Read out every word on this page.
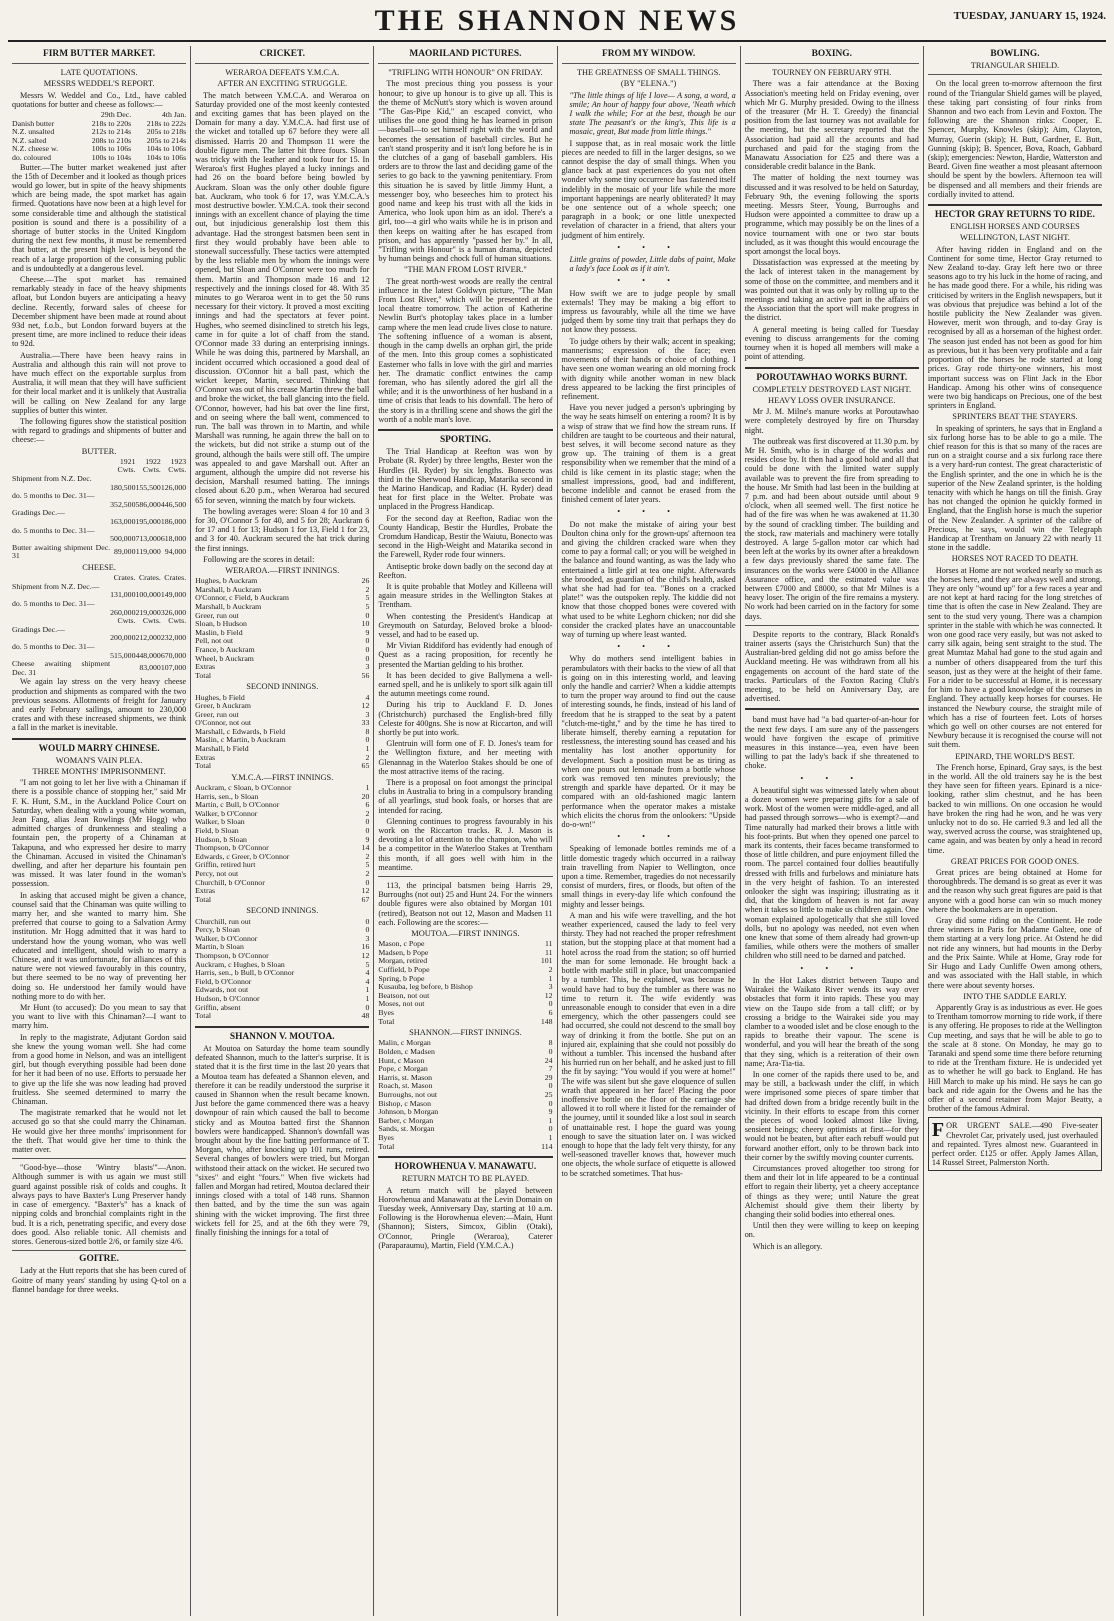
THE SHANNON NEWS	TUESDAY, JANUARY 15, 1924.
FIRM BUTTER MARKET.
LATE QUOTATIONS.
MESSRS WEDDEL'S REPORT.

Messrs W. Weddel and Co., Ltd., have cabled quotations for butter and cheese as follows:—

	29th Dec.	4th Jan.
Danish butter	218s to 220s	218s to 222s
N.Z. unsalted	212s to 214s	205s to 218s
N.Z. salted	208s to 210s	205s to 214s
N.Z. cheese w.	100s to 106s	104s to 106s
do. coloured	100s to 104s	104s to 106s

Butter.—The butter market weakened just after the 15th of December and it looked as though prices would go lower, but in spite of the heavy shipments which are being made, the spot market has again firmed. Quotations have now been at a high level for some considerable time and although the statistical position is sound and there is a possibility of a shortage of butter stocks in the United Kingdom during the next few months, it must be remembered that butter, at the present high level, is beyond the reach of a large proportion of the consuming public and is undoubtedly at a dangerous level.

Cheese.—The spot market has remained remarkably steady in face of the heavy shipments afloat, but London buyers are anticipating a heavy decline. Recently, forward sales of cheese for December shipment have been made at round about 93d net, f.o.b., but London forward buyers at the present time, are more inclined to reduce their ideas to 92d.

Australia.—There have been heavy rains in Australia and although this rain will not prove to have much effect on the exportable surplus from Australia, it will mean that they will have sufficient for their local market and it is unlikely that Australia will be calling on New Zealand for any large supplies of butter this winter.

The following figures show the statistical position with regard to gradings and shipments of butter and cheese:—

BUTTER.
	1921	1922	1923
	Cwts.	Cwts.	Cwts.
Shipment from N.Z. Dec.			
	180,500	155,500	126,000
do. 5 months to Dec. 31—			
	352,500	586,000	446,500
Gradings Dec.—			
	163,000	195,000	186,000
do. 5 months to Dec. 31—			
	500,000	713,000	618,000
Butter awaiting shipment Dec. 31	89,000	119,000	94,000
CHEESE.
	Crates.	Crates.	Crates.
Shipment from N.Z. Dec.—			
	131,000	100,000	149,000
do. 5 months to Dec. 31—			
	260,000	219,000	326,000
	Cwts.	Cwts.	Cwts.
Gradings Dec.—			
	200,000	212,000	232,000
do. 5 months to Dec. 31—			
	515,000	448,000	670,000
Cheese awaiting shipment Dec. 31		83,000	107,000

We again lay stress on the very heavy cheese production and shipments as compared with the two previous seasons. Allotments of freight for January and early February sailings, amount to 230,000 crates and with these increased shipments, we think a fall in the market is inevitable.

WOULD MARRY CHINESE.
WOMAN'S VAIN PLEA.
THREE MONTHS' IMPRISONMENT.

"I am not going to let her live with a Chinaman if there is a possible chance of stopping her," said Mr F. K. Hunt, S.M., in the Auckland Police Court on Saturday, when dealing with a young white woman, Jean Fang, alias Jean Rowlings (Mr Hogg) who admitted charges of drunkenness and stealing a fountain pen, the property of a Chinaman at Takapuna, and who expressed her desire to marry the Chinaman. Accused in visited the Chinaman's dwelling, and after her departure his fountain pen was missed. It was later found in the woman's possession.

In asking that accused might be given a chance, counsel said that the Chinaman was quite willing to marry her, and she wanted to marry him. She preferred that course to going to a Salvation Army institution. Mr Hogg admitted that it was hard to understand how the young woman, who was well educated and intelligent, should wish to marry a Chinese, and it was unfortunate, for alliances of this nature were not viewed favourably in this country, but there seemed to be no way of preventing her doing so. He understood her family would have nothing more to do with her.

Mr Hunt (to accused): Do you mean to say that you want to live with this Chinaman?—I want to marry him.

In reply to the magistrate, Adjutant Gordon said she knew the young woman well. She had come from a good home in Nelson, and was an intelligent girl, but though everything possible had been done for her it had been of no use. Efforts to persuade her to give up the life she was now leading had proved fruitless. She seemed determined to marry the Chinaman.

The magistrate remarked that he would not let accused go so that she could marry the Chinaman. He would give her three months' imprisonment for the theft. That would give her time to think the matter over.

"Good-bye—those 'Wintry blasts'"—Anon. Although summer is with us again we must still guard against possible risk of colds and coughs. It always pays to have Baxter's Lung Preserver handy in case of emergency. "Baxter's" has a knack of nipping colds and bronchial complaints right in the bud. It is a rich, penetrating specific, and every dose does good. Also reliable tonic. All chemists and stores. Generous-sized bottle 2/6, or family size 4/6.

GOITRE.

Lady at the Hutt reports that she has been cured of Goitre of many years' standing by using Q-tol on a flannel bandage for three weeks.

CRICKET.
WERAROA DEFEATS Y.M.C.A.
AFTER AN EXCITING STRUGGLE.

The match between Y.M.C.A. and Weraroa on Saturday provided one of the most keenly contested and exciting games that has been played on the Domain for many a day. Y.M.C.A. had first use of the wicket and totalled up 67 before they were all dismissed. Harris 20 and Thompson 11 were the double figure men. The latter hit three fours. Sloan was tricky with the leather and took four for 15. In Weraroa's first Hughes played a lucky innings and had 26 on the board before being bowled by Auckram. Sloan was the only other double figure bat. Auckram, who took 6 for 17, was Y.M.C.A.'s most destructive bowler. Y.M.C.A. took their second innings with an excellent chance of playing the time out, but injudicious generalship lost them this advantage. Had the strongest batsmen been sent in first they would probably have been able to stonewall successfully. These tactics were attempted by the less reliable men by whom the innings were opened, but Sloan and O'Connor were too much for them. Martin and Thompson made 16 and 12 respectively and the innings closed for 48. With 35 minutes to go Weraroa went in to get the 50 runs necessary for their victory. It proved a most exciting innings and had the spectators at fever point. Hughes, who seemed disinclined to stretch his legs, came in for quite a lot of chaff from the stand. O'Connor made 33 during an enterprising innings. While he was doing this, partnered by Marshall, an incident occurred which occasioned a good deal of discussion. O'Connor hit a ball past, which the wicket keeper, Martin, secured. Thinking that O'Connor was out of his crease Martin threw the ball and broke the wicket, the ball glancing into the field. O'Connor, however, had his bat over the line first, and on seeing where the ball went, commenced to run. The ball was thrown in to Martin, and while Marshall was running, he again threw the ball on to the wickets, but did not strike a stump out of the ground, although the bails were still off. The umpire was appealed to and gave Marshall out. After an argument, although the umpire did not reverse his decision, Marshall resumed batting. The innings closed about 6.20 p.m., when Weraroa had secured 65 for seven, winning the match by four wickets.

The bowling averages were: Sloan 4 for 10 and 3 for 30, O'Connor 5 for 40, and 5 for 28; Auckram 6 for 17 and 1 for 13; Hudson 1 for 13, Field 1 for 23, and 3 for 40. Auckram secured the hat trick during the first innings.

Following are the scores in detail:

WERAROA.—FIRST INNINGS.
Hughes, b Auckram	26
Marshall, b Auckram	2
O'Connor, c Field, b Auckram	5
Marshall, b Auckram	5
Greer, run out	0
Sloan, b Hudson	10
Maslin, b Field	9
Pell, not out	0
France, b Auckram	0
Wheel, b Auckram	0
Extras	3
Total	56
SECOND INNINGS.
Hughes, b Field	4
Greer, b Auckram	12
Greer, run out	3
O'Connor, not out	33
Marshall, c Edwards, b Field	8
Maslin, c Martin, b Auckram	0
Marshall, b Field	1
Extras	2
Total	65
Y.M.C.A.—FIRST INNINGS.
Auckram, c Sloan, b O'Connor	1
Harris, sen., b Sloan	20
Martin, c Bull, b O'Connor	6
Walker, b O'Connor	2
Walker, b Sloan	0
Field, b Sloan	0
Hudson, b Sloan	9
Thompson, b O'Connor	14
Edwards, c Greer, b O'Connor	2
Griffin, retired hurt	5
Percy, not out	2
Churchill, b O'Connor	0
Extras	12
Total	67
SECOND INNINGS.
Churchill, run out	0
Percy, b Sloan	0
Walker, b O'Connor	3
Martin, b Sloan	16
Thompson, b O'Connor	12
Auckram, c Hughes, b Sloan	5
Harris, sen., b Bull, b O'Connor	4
Field, b O'Connor	4
Edwards, not out	1
Hudson, b O'Connor	1
Griffin, absent	0
Total	48
SHANNON V. MOUTOA.

At Moutoa on Saturday the home team soundly defeated Shannon, much to the latter's surprise. It is stated that it is the first time in the last 20 years that a Moutoa team has defeated a Shannon eleven, and therefore it can be readily understood the surprise it caused in Shannon when the result became known. Just before the game commenced there was a heavy downpour of rain which caused the ball to become sticky and as Moutoa batted first the Shannon bowlers were handicapped. Shannon's downfall was brought about by the fine batting performance of T. Morgan, who, after knocking up 101 runs, retired. Several changes of bowlers were tried, but Morgan withstood their attack on the wicket. He secured two "sixes" and eight "fours." When five wickets had fallen and Morgan had retired, Moutoa declared their innings closed with a total of 148 runs. Shannon then batted, and by the time the sun was again shining with the wicket improving. The first three wickets fell for 25, and at the 6th they were 79, finally finishing the innings for a total of

MAORILAND PICTURES.
"TRIFLING WITH HONOUR" ON FRIDAY.

The most precious thing you possess is your honour; to give up honour is to give up all. This is the theme of McNutt's story which is woven around "The Gas-Pipe Kid," an escaped convict, who utilises the one good thing he has learned in prison—baseball—to set himself right with the world and becomes the sensation of baseball circles. But he can't stand prosperity and it isn't long before he is in the clutches of a gang of baseball gamblers. His orders are to throw the last and deciding game of the series to go back to the yawning penitentiary. From this situation he is saved by little Jimmy Hunt, a messenger boy, who beseeches him to protect his good name and keep his trust with all the kids in America, who look upon him as an idol. There's a girl, too—a girl who waits while he is in prison and then keeps on waiting after he has escaped from prison, and has apparently "passed her by." In all, "Trifling with Honour" is a human drama, depicted by human beings and chock full of human situations.

"THE MAN FROM LOST RIVER."

The great north-west woods are really the central influence in the latest Goldwyn picture, "The Man From Lost River," which will be presented at the local theatre tomorrow. The action of Katherine Newlin Burt's photoplay takes place in a lumber camp where the men lead crude lives close to nature. The softening influence of a woman is absent, though in the camp dwells an orphan girl, the pride of the men. Into this group comes a sophisticated Easterner who falls in love with the girl and marries her. The dramatic conflict entwines the camp foreman, who has silently adored the girl all the while; and it is the unworthiness of her husband in a time of crisis that leads to his downfall. The hero of the story is in a thrilling scene and shows the girl the worth of a noble man's love.

SPORTING.

The Trial Handicap at Reefton was won by Probate (R. Ryder) by three lengths, Bester won the Hurdles (H. Ryder) by six lengths. Bonecto was third in the Sherwood Handicap, Matarika second in the Marino Handicap, and Radiac (H. Ryder) dead heat for first place in the Welter. Probate was unplaced in the Progress Handicap.

For the second day at Reefton, Radiac won the County Handicap, Bestir the Hurdles, Probate the Cromdum Handicap, Bestir the Waiutu, Bonecto was second in the High-Weight and Matarika second in the Farewell, Ryder rode four winners.

Antiseptic broke down badly on the second day at Reefton.

It is quite probable that Motley and Killeena will again measure strides in the Wellington Stakes at Trentham.

When contesting the President's Handicap at Greymouth on Saturday, Beloved broke a blood-vessel, and had to be eased up.

Mr Vivian Riddiford has evidently had enough of Quest as a racing proposition, for recently he presented the Martian gelding to his brother.

It has been decided to give Ballymena a well-earned spell, and he is unlikely to sport silk again till the autumn meetings come round.

During his trip to Auckland F. D. Jones (Christchurch) purchased the English-bred filly Celeste for 400gns. She is now at Riccarton, and will shortly be put into work.

Glentruin will form one of F. D. Jones's team for the Wellington fixture, and her meeting with Glenannag in the Waterloo Stakes should be one of the most attractive items of the racing.

There is a proposal on foot amongst the principal clubs in Australia to bring in a compulsory branding of all yearlings, stud book foals, or horses that are intended for racing.

Glenning continues to progress favourably in his work on the Riccarton tracks. R. J. Mason is devoting a lot of attention to the champion, who will be a competitor in the Waterloo Stakes at Trentham this month, if all goes well with him in the meantime.

113, the principal batsmen being Harris 29, Burroughs (not out) 25 and Hunt 24. For the winners double figures were also obtained by Morgan 101 (retired), Beatson not out 12, Mason and Madsen 11 each. Following are the scores:—

MOUTOA.—FIRST INNINGS.
Mason, c Pope	11
Madsen, b Pope	11
Morgan, retired	101
Cuffield, b Pope	2
Spring, b Pope	1
Kusauba, leg before, b Bishop	3
Beatson, not out	12
Moses, not out	0
Byes	6
Total	148
SHANNON.—FIRST INNINGS.
Malin, c Morgan	8
Bolden, c Madsen	0
Hunt, c Mason	24
Pope, c Morgan	7
Harris, st. Mason	29
Roach, st. Mason	0
Burroughs, not out	25
Bishop, c Mason	0
Johnson, b Morgan	9
Barber, c Morgan	1
Sands, st. Morgan	0
Byes	1
Total	114
HOROWHENUA V. MANAWATU.
RETURN MATCH TO BE PLAYED.

A return match will be played between Horowhenua and Manawatu at the Levin Domain on Tuesday week, Anniversary Day, starting at 10 a.m. Following is the Horowhenua eleven:—Main, Hunt (Shannon); Sisters, Simcox, Giblin (Otaki), O'Connor, Pringle (Weraroa), Caterer (Paraparaumu), Martin, Field (Y.M.C.A.)

FROM MY WINDOW.
THE GREATNESS OF SMALL THINGS.
(BY "ELENA.")

"The little things of life I love— A song, a word, a smile; An hour of happy four above, 'Neath which I walk the while; For at the best, though be our state The peasant's or the king's, This life is a mosaic, great, But made from little things."

I suppose that, as in real mosaic work the little pieces are needed to fill in the larger designs, so we cannot despise the day of small things. When you glance back at past experiences do you not often wonder why some tiny occurrence has fastened itself indelibly in the mosaic of your life while the more important happenings are nearly obliterated? It may be one sentence out of a whole speech; one paragraph in a book; or one little unexpected revelation of character in a friend, that alters your judgment of him entirely.

• • •

Little grains of powder, Little dabs of paint, Make a lady's face Look as if it ain't.

• • •

How swift we are to judge people by small externals! They may be making a big effort to impress us favourably, while all the time we have judged them by some tiny trait that perhaps they do not know they possess.

To judge others by their walk; accent in speaking; mannerisms; expression of the face; even movements of their hands or choice of clothing. I have seen one woman wearing an old morning frock with dignity while another woman in new black dress appeared to be lacking the first principles of refinement.

Have you never judged a person's upbringing by the way he seats himself on entering a room? It is by a wisp of straw that we find how the stream runs. If children are taught to be courteous and their natural, best selves, it will become second nature as they grow up. The training of them is a great responsibility when we remember that the mind of a child is like cement in its plastic stage; when the smallest impressions, good, bad and indifferent, become indelible and cannot be erased from the finished cement of later years.

• • •

Do not make the mistake of airing your best Doulton china only for the grown-ups' afternoon tea and giving the children cracked ware when they come to pay a formal call; or you will be weighed in the balance and found wanting, as was the lady who entertained a little girl at tea one night. Afterwards she brooded, as guardian of the child's health, asked what she had had for tea. "Bones on a cracked plate!" was the outspoken reply. The kiddie did not know that those chopped bones were covered with what used to be white Leghorn chicken; nor did she consider the cracked plates have an unaccountable way of turning up where least wanted.

• • •

Why do mothers send intelligent babies in perambulators with their backs to the view of all that is going on in this interesting world, and leaving only the handle and carrier? When a kiddie attempts to turn the proper way around to find out the cause of interesting sounds, he finds, instead of his land of freedom that he is strapped to the seat by a patent "clutch-me-tight," and by the time he has tired to liberate himself, thereby earning a reputation for restlessness, the interesting sound has ceased and his mentality has lost another opportunity for development. Such a position must be as tiring as when one pours out lemonade from a bottle whose cork was removed ten minutes previously; the strength and sparkle have departed. Or it may be compared with an old-fashioned magic lantern performance when the operator makes a mistake which elicits the chorus from the onlookers: "Upside do-o-wn!"

• • •

Speaking of lemonade bottles reminds me of a little domestic tragedy which occurred in a railway train travelling from Napier to Wellington, once upon a time. Remember, tragedies do not necessarily consist of murders, fires, or floods, but often of the small things in every-day life which confound the mighty and lesser beings.

A man and his wife were travelling, and the hot weather experienced, caused the lady to feel very thirsty. They had not reached the proper refreshment station, but the stopping place at that moment had a hotel across the road from the station; so off hurried the man for some lemonade. He brought back a bottle with marble still in place, but unaccompanied by a tumbler. This, he explained, was because he would have had to buy the tumbler as there was no time to return it. The wife evidently was unreasonable enough to consider that even in a dire emergency, which the other passengers could see had occurred, she could not descend to the small boy way of drinking it from the bottle. She put on an injured air, explaining that she could not possibly do without a tumbler. This incensed the husband after his hurried run on her behalf, and he asked just to fill the fit by saying: "You would if you were at home!" The wife was silent but she gave eloquence of sullen wrath that appeared in her face! Placing the poor inoffensive bottle on the floor of the carriage she allowed it to roll where it listed for the remainder of the journey, until it sounded like a lost soul in search of unattainable rest. I hope the guard was young enough to save the situation later on. I was wicked enough to hope that the lady felt very thirsty, for any well-seasoned traveller knows that, however much one objects, the whole surface of etiquette is allowed to be scratched sometimes. That hus-

BOXING.
TOURNEY ON FEBRUARY 9TH.

There was a fair attendance at the Boxing Association's meeting held on Friday evening, over which Mr G. Murphy presided. Owing to the illness of the treasurer (Mr H. T. Greedy) the financial position from the last tourney was not available for the meeting, but the secretary reported that the Association had paid all the accounts and had purchased and paid for the staging from the Manawatu Association for £25 and there was a considerable credit balance in the Bank.

The matter of holding the next tourney was discussed and it was resolved to be held on Saturday, February 9th, the evening following the sports meeting. Messrs Steer, Young, Burroughs and Hudson were appointed a committee to draw up a programme, which may possibly be on the lines of a novice tournament with one or two star bouts included, as it was thought this would encourage the sport amongst the local boys.

Dissatisfaction was expressed at the meeting by the lack of interest taken in the management by some of those on the committee, and members and it was pointed out that it was only by rolling up to the meetings and taking an active part in the affairs of the Association that the sport will make progress in the district.

A general meeting is being called for Tuesday evening to discuss arrangements for the coming tourney when it is hoped all members will make a point of attending.

POROUTAWHAO WORKS BURNT.
COMPLETELY DESTROYED LAST NIGHT.
HEAVY LOSS OVER INSURANCE.

Mr J. M. Milne's manure works at Poroutawhao were completely destroyed by fire on Thursday night.

The outbreak was first discovered at 11.30 p.m. by Mr H. Smith, who is in charge of the works and resides close by. It then had a good hold and all that could be done with the limited water supply available was to prevent the fire from spreading to the house. Mr Smith had last been in the building at 7 p.m. and had been about outside until about 9 o'clock, when all seemed well. The first notice he had of the fire was when he was awakened at 11.30 by the sound of crackling timber. The building and the stock, raw materials and machinery were totally destroyed. A large 5-gallon motor car which had been left at the works by its owner after a breakdown a few days previously shared the same fate. The insurances on the works were £4000 in the Alliance Assurance office, and the estimated value was between £7000 and £8000, so that Mr Milnes is a heavy loser. The origin of the fire remains a mystery. No work had been carried on in the factory for some days.

Despite reports to the contrary, Black Ronald's trainer asserts (says the Christchurch Sun) that the Australian-bred gelding did not go amiss before the Auckland meeting. He was withdrawn from all his engagements on account of the hard state of the tracks. Particulars of the Foxton Racing Club's meeting, to be held on Anniversary Day, are advertised.

band must have had "a bad quarter-of-an-hour for the next few days. I am sure any of the passengers would have forgiven the escape of primitive measures in this instance—yea, even have been willing to pat the lady's back if she threatened to choke.

• • •

A beautiful sight was witnessed lately when about a dozen women were preparing gifts for a sale of work. Most of the women were middle-aged, and all had passed through sorrows—who is exempt?—and Time naturally had marked their brows a little with his foot-prints. But when they opened one parcel to mark its contents, their faces became transformed to those of little children, and pure enjoyment filled the room. The parcel contained four dollies beautifully dressed with frills and furbelows and miniature hats in the very height of fashion. To an interested onlooker the sight was inspiring; illustrating as it did, that the kingdom of heaven is not far away when it takes so little to make us children again. One woman explained apologetically that she still loved dolls, but no apology was needed, not even when one knew that some of them already had grown-up families, while others were the mothers of smaller children who still need to be darned and patched.

• • •

In the Hot Lakes district between Taupo and Wairakei the Waikato River wends its way over obstacles that form it into rapids. These you may view on the Taupo side from a tall cliff; or by crossing a bridge to the Wairakei side you may clamber to a wooded islet and be close enough to the rapids to breathe their vapour. The scene is wonderful, and you will hear the breath of the song that they sing, which is a reiteration of their own name; Ara-Tia-tia.

In one corner of the rapids there used to be, and may be still, a backwash under the cliff, in which were imprisoned some pieces of spare timber that had drifted down from a bridge recently built in the vicinity. In their efforts to escape from this corner the pieces of wood looked almost like living, sensient beings; cheery optimists at first—for they would not be beaten, but after each rebuff would put forward another effort, only to be thrown back into their corner by the swiftly moving counter currents.

Circumstances proved altogether too strong for them and their lot in life appeared to be a continual effort to regain their liberty, yet a cheery acceptance of things as they were; until Nature the great Alchemist should give them their liberty by changing their solid bodies into ethereal ones.

Until then they were willing to keep on keeping on.

Which is an allegory.

BOWLING.
TRIANGULAR SHIELD.

On the local green to-morrow afternoon the first round of the Triangular Shield games will be played, these taking part consisting of four rinks from Shannon and two each from Levin and Foxton. The following are the Shannon rinks: Cooper, E. Spencer, Murphy, Knowles (skip); Aim, Clayton, Murray, Guerin (skip); H. Butt, Gardner, E. Butt, Gunning (skip); B. Spencer, Bova, Roach, Gabbard (skip); emergencies: Newton, Hardie, Watterston and Beard. Given fine weather a most pleasant afternoon should be spent by the bowlers. Afternoon tea will be dispensed and all members and their friends are cordially invited to attend.

HECTOR GRAY RETURNS TO RIDE.
ENGLISH HORSES AND COURSES
WELLINGTON, LAST NIGHT.

After having ridden in England and on the Continent for some time, Hector Gray returned to New Zealand to-day. Gray left here two or three seasons ago to try his luck in the home of racing, and he has made good there. For a while, his riding was criticised by writers in the English newspapers, but it was obvious that prejudice was behind a lot of the hostile publicity the New Zealander was given. However, merit won through, and to-day Gray is recognised by all as a horseman of the highest order. The season just ended has not been as good for him as previous, but it has been very profitable and a fair proportion of the horses he rode started at long prices. Gray rode thirty-one winners, his most important success was on Flint Jack in the Ebor Handicap. Among his other wins of consequence were two big handicaps on Precious, one of the best sprinters in England.

SPRINTERS BEAT THE STAYERS.

In speaking of sprinters, he says that in England a six furlong horse has to be able to go a mile. The chief reason for this is that so many of the races are run on a straight course and a six furlong race there is a very hard-run contest. The great characteristic of the English sprinter, and the one in which he is the superior of the New Zealand sprinter, is the holding tenacity with which he hangs on till the finish. Gray has not changed the opinion he quickly formed in England, that the English horse is much the superior of the New Zealander. A sprinter of the calibre of Precious, he says, would win the Telegraph Handicap at Trentham on January 22 with nearly 11 stone in the saddle.

HORSES NOT RACED TO DEATH.

Horses at Home are not worked nearly so much as the horses here, and they are always well and strong. They are only "wound up" for a few races a year and are not kept at hard racing for the long stretches of time that is often the case in New Zealand. They are sent to the stud very young. There was a champion sprinter in the stable with which he was connected. It won one good race very easily, but was not asked to carry silk again, being sent straight to the stud. The great Mumtaz Mahal had gone to the stud again and a number of others disappeared from the turf this season, just as they were at the height of their fame. For a rider to be successful at Home, it is necessary for him to have a good knowledge of the courses in England. They actually keep horses for courses. He instanced the Newbury course, the straight mile of which has a rise of fourteen feet. Lots of horses which go well on other courses are not entered for Newbury because it is recognised the course will not suit them.

EPINARD, THE WORLD'S BEST.

The French horse, Epinard, Gray says, is the best in the world. All the old trainers say he is the best they have seen for fifteen years. Epinard is a nice-looking, rather slim chestnut, and he has been backed to win millions. On one occasion he would have broken the ring had he won, and he was very unlucky not to do so. He carried 9.3 and led all the way, swerved across the course, was straightened up, came again, and was beaten by only a head in record time.

GREAT PRICES FOR GOOD ONES.

Great prices are being obtained at Home for thoroughbreds. The demand is so great as ever it was and the reason why such great figures are paid is that anyone with a good horse can win so much money where the bookmakers are in operation.

Gray did some riding on the Continent. He rode three winners in Paris for Madame Galtee, one of them starting at a very long price. At Ostend he did not ride any winners, but had mounts in the Derby and the Prix Sainte. While at Home, Gray rode for Sir Hugo and Lady Cunliffe Owen among others, and was associated with the Hall stable, in which there were about seventy horses.

INTO THE SADDLE EARLY.

Apparently Gray is as industrious as ever. He goes to Trentham tomorrow morning to ride work, if there is any offering. He proposes to ride at the Wellington Cup meeting, and says that he will be able to go to the scale at 8 stone. On Monday, he may go to Taranaki and spend some time there before returning to ride at the Trentham fixture. He is undecided yet as to whether he will go back to England. He has Hill March to make up his mind. He says he can go back and ride again for the Owens and he has the offer of a second retainer from Major Beatty, a brother of the famous Admiral.

F OR URGENT SALE.—490 Five-seater Chevrolet Car, privately used, just overhauled and repainted. Tyres almost new. Guaranteed in perfect order. £125 or offer. Apply James Allan, 14 Russel Street, Palmerston North.
